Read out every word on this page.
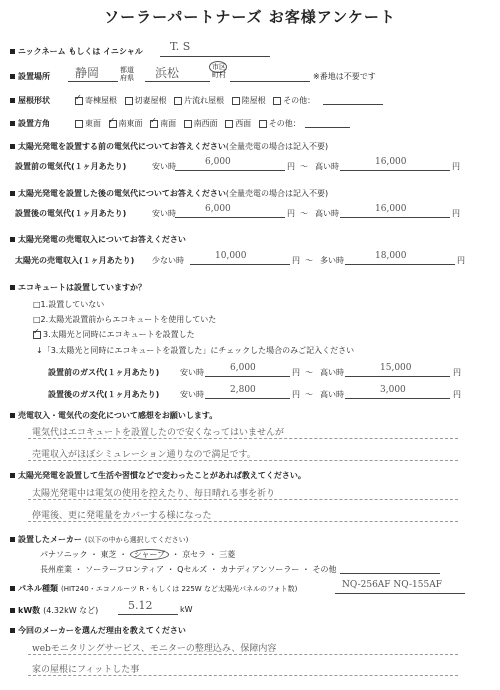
ソーラーパートナーズ お客様アンケート
ニックネーム もしくは イニシャル T. S
設置場所 静岡	都道府県	浜松	市区町村	※番地は不要です
屋根形状 ✓	寄棟屋根 切妻屋根 片流れ屋根 陸屋根 その他：
設置方角	東面 ✓ 南東面 ✓ 南面 南西面 西面 その他：
太陽光発電を設置する前の電気代についてお答えください(全量売電の場合は記入不要)
設置前の電気代(１ヶ月あたり)	安い時	6,000	円 〜 高い時	16,000	円
太陽光発電を設置した後の電気代についてお答えください(全量売電の場合は記入不要)
設置後の電気代(１ヶ月あたり)	安い時	6,000	円 〜 高い時	16,000	円
太陽光発電の売電収入についてお答えください
太陽光の売電収入(１ヶ月あたり) 少ない時	10,000	円 〜 多い時	18,000	円
エコキュートは設置していますか？
□1.設置していない
□2.太陽光設置前からエコキュートを使用していた
✓3.太陽光と同時にエコキュートを設置した
↓「3.太陽光と同時にエコキュートを設置した」にチェックした場合のみご記入ください
設置前のガス代(１ヶ月あたり)	安い時	6,000	円 〜 高い時	15,000	円
設置後のガス代(１ヶ月あたり)	安い時	2,800	円 〜 高い時	3,000	円
売電収入・電気代の変化について感想をお願いします。
電気代はエコキュートを設置したので安くなってはいませんが
売電収入がほぼシミュレーション通りなので満足です。
太陽光発電を設置して生活や習慣などで変わったことがあれば教えてください。
太陽光発電中は電気の使用を控えたり、毎日晴れる事を祈り
停電後、更に発電量をカバーする様になった
設置したメーカー (以下の中から選択してください)
パナソニック ・ 東芝 ・ シャープ ・ 京セラ ・ 三菱
長州産業 ・ ソーラーフロンティア ・ Qセルズ ・ カナディアンソーラー ・ その他
パネル種類 (HIT240・エコノルーツ R・もしくは 225W など太陽光パネルのフォト数)	NQ-256AF NQ-155AF
kW数 (4.32kW など)	5.12	kW
今回のメーカーを選んだ理由を教えてください
webモニタリングサービス、モニターの整理込み、保障内容
家の屋根にフィットした事
